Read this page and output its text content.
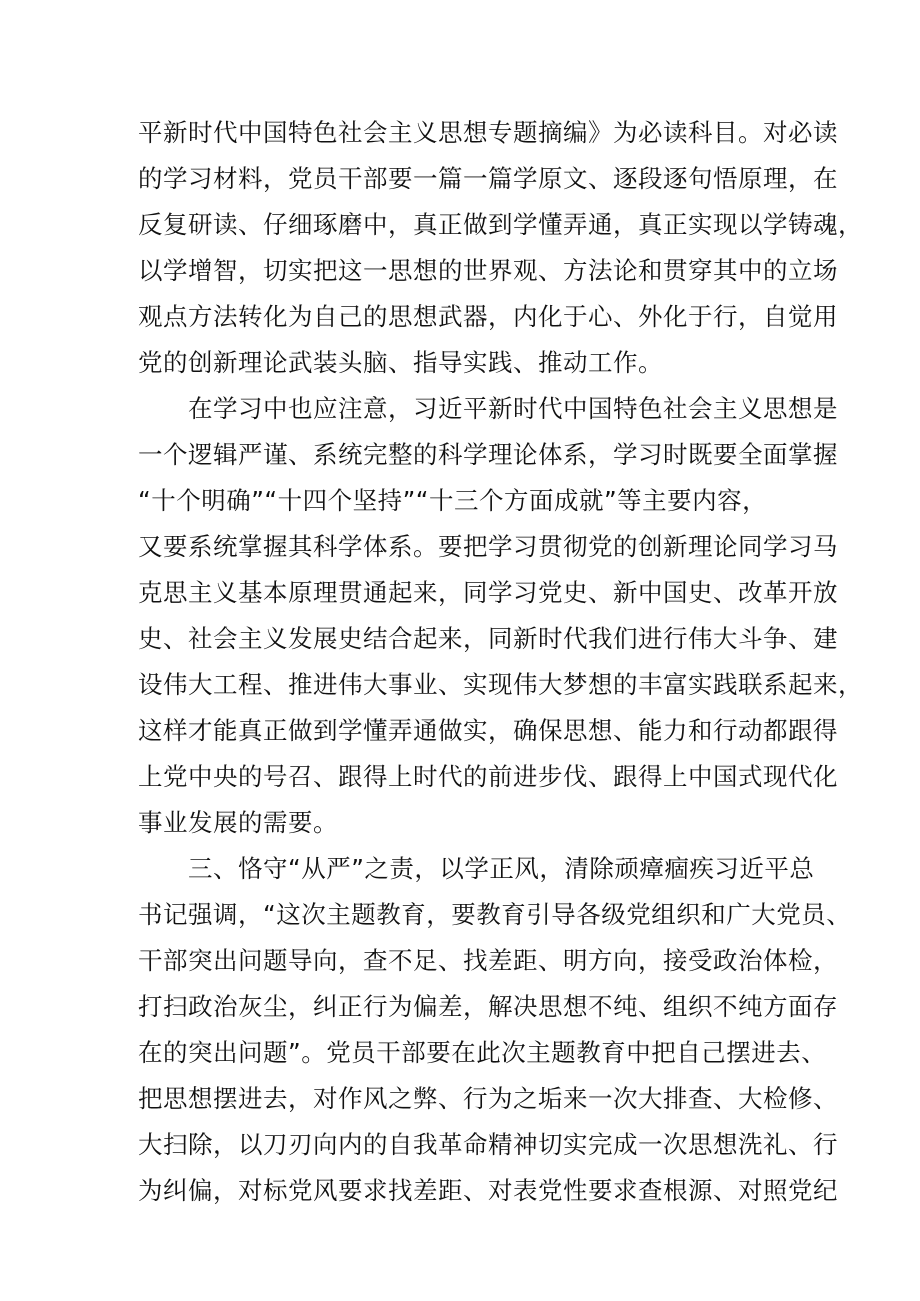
平新时代中国特色社会主义思想专题摘编》为必读科目。对必读
的学习材料，党员干部要一篇一篇学原文、逐段逐句悟原理，在
反复研读、仔细琢磨中，真正做到学懂弄通，真正实现以学铸魂，
以学增智，切实把这一思想的世界观、方法论和贯穿其中的立场
观点方法转化为自己的思想武器，内化于心、外化于行，自觉用
党的创新理论武装头脑、指导实践、推动工作。
在学习中也应注意，习近平新时代中国特色社会主义思想是
一个逻辑严谨、系统完整的科学理论体系，学习时既要全面掌握
“十个明确”“十四个坚持”“十三个方面成就”等主要内容，
又要系统掌握其科学体系。要把学习贯彻党的创新理论同学习马
克思主义基本原理贯通起来，同学习党史、新中国史、改革开放
史、社会主义发展史结合起来，同新时代我们进行伟大斗争、建
设伟大工程、推进伟大事业、实现伟大梦想的丰富实践联系起来，
这样才能真正做到学懂弄通做实，确保思想、能力和行动都跟得
上党中央的号召、跟得上时代的前进步伐、跟得上中国式现代化
事业发展的需要。
三、恪守“从严”之责，以学正风，清除顽瘴痼疾习近平总
书记强调，“这次主题教育，要教育引导各级党组织和广大党员、
干部突出问题导向，查不足、找差距、明方向，接受政治体检，
打扫政治灰尘，纠正行为偏差，解决思想不纯、组织不纯方面存
在的突出问题”。党员干部要在此次主题教育中把自己摆进去、
把思想摆进去，对作风之弊、行为之垢来一次大排查、大检修、
大扫除，以刀刃向内的自我革命精神切实完成一次思想洗礼、行
为纠偏，对标党风要求找差距、对表党性要求查根源、对照党纪
